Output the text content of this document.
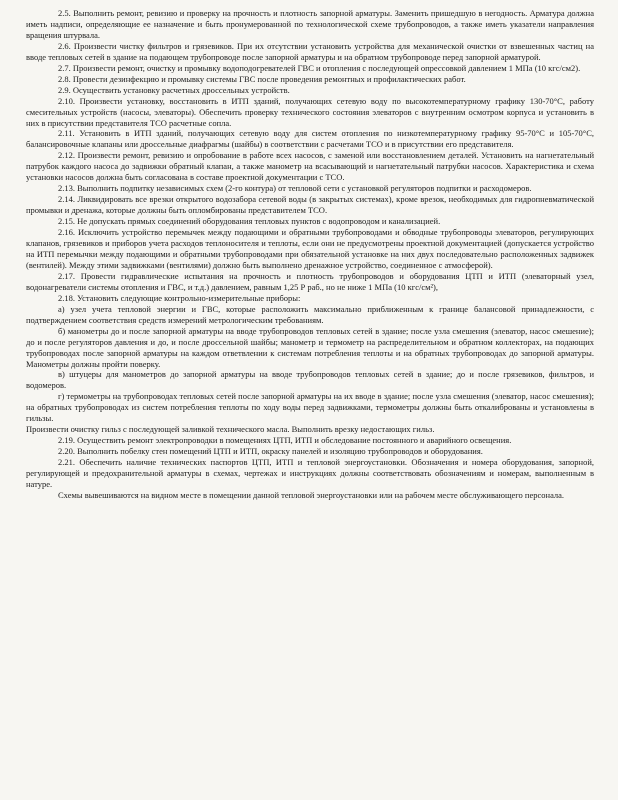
2.5. Выполнить ремонт, ревизию и проверку на прочность и плотность запорной арматуры. Заменить пришедшую в негодность. Арматура должна иметь надписи, определяющие ее назначение и быть пронумерованной по технологической схеме трубопроводов, а также иметь указатели направления вращения штурвала.

2.6. Произвести чистку фильтров и грязевиков. При их отсутствии установить устройства для механической очистки от взвешенных частиц на вводе тепловых сетей в здание на подающем трубопроводе после запорной арматуры и на обратном трубопроводе перед запорной арматурой.

2.7. Произвести ремонт, очистку и промывку водоподогревателей ГВС и отопления с последующей опрессовкой давлением 1 МПа (10 кгс/см2).

2.8. Провести дезинфекцию и промывку системы ГВС после проведения ремонтных и профилактических работ.

2.9. Осуществить установку расчетных дроссельных устройств.

2.10. Произвести установку, восстановить в ИТП зданий, получающих сетевую воду по высокотемпературному графику 130-70°С, работу смесительных устройств (насосы, элеваторы). Обеспечить проверку технического состояния элеваторов с внутренним осмотром корпуса и установить в них в присутствии представителя ТСО расчетные сопла.

2.11. Установить в ИТП зданий, получающих сетевую воду для систем отопления по низкотемпературному графику 95-70°С и 105-70°С, балансировочные клапаны или дроссельные диафрагмы (шайбы) в соответствии с расчетами ТСО и в присутствии его представителя.

2.12. Произвести ремонт, ревизию и опробование в работе всех насосов, с заменой или восстановлением деталей. Установить на нагнетательный патрубок каждого насоса до задвижки обратный клапан, а также манометр на всасывающий и нагнетательный патрубки насосов. Характеристика и схема установки насосов должна быть согласована в составе проектной документации с ТСО.

2.13. Выполнить подпитку независимых схем (2-го контура) от тепловой сети с установкой регуляторов подпитки и расходомеров.

2.14. Ликвидировать все врезки открытого водозабора сетевой воды (в закрытых системах), кроме врезок, необходимых для гидропневматической промывки и дренажа, которые должны быть опломбированы представителем ТСО.

2.15. Не допускать прямых соединений оборудования тепловых пунктов с водопроводом и канализацией.

2.16. Исключить устройство перемычек между подающими и обратными трубопроводами и обводные трубопроводы элеваторов, регулирующих клапанов, грязевиков и приборов учета расходов теплоносителя и теплоты, если они не предусмотрены проектной документацией (допускается устройство на ИТП перемычки между подающими и обратными трубопроводами при обязательной установке на них двух последовательно расположенных задвижек (вентилей). Между этими задвижками (вентилями) должно быть выполнено дренажное устройство, соединенное с атмосферой).

2.17. Провести гидравлические испытания на прочность и плотность трубопроводов и оборудования ЦТП и ИТП (элеваторный узел, водонагреватели системы отопления и ГВС, и т.д.) давлением, равным 1,25 Р раб., но не ниже 1 МПа (10 кгс/см²),

2.18. Установить следующие контрольно-измерительные приборы:

а) узел учета тепловой энергии и ГВС, которые расположить максимально приближенным к границе балансовой принадлежности, с подтверждением соответствия средств измерений метрологическим требованиям.

б) манометры до и после запорной арматуры на вводе трубопроводов тепловых сетей в здание; после узла смешения (элеватор, насос смешение); до и после регуляторов давления и до, и после дроссельной шайбы; манометр и термометр на распределительном и обратном коллекторах, на подающих трубопроводах после запорной арматуры на каждом ответвлении к системам потребления теплоты и на обратных трубопроводах до запорной арматуры. Манометры должны пройти поверку.

в) штуцеры для манометров до запорной арматуры на вводе трубопроводов тепловых сетей в здание; до и после грязевиков, фильтров, и водомеров.

г) термометры на трубопроводах тепловых сетей после запорной арматуры на их вводе в здание; после узла смешения (элеватор, насос смешения); на обратных трубопроводах из систем потребления теплоты по ходу воды перед задвижками, термометры должны быть откалиброваны и установлены в гильзы.

Произвести очистку гильз с последующей заливкой технического масла. Выполнить врезку недостающих гильз.

2.19. Осуществить ремонт электропроводки в помещениях ЦТП, ИТП и обследование постоянного и аварийного освещения.

2.20. Выполнить побелку стен помещений ЦТП и ИТП, окраску панелей и изоляцию трубопроводов и оборудования.

2.21. Обеспечить наличие технических паспортов ЦТП, ИТП и тепловой энергоустановки. Обозначения и номера оборудования, запорной, регулирующей и предохранительной арматуры в схемах, чертежах и инструкциях должны соответствовать обозначениям и номерам, выполненным в натуре.

Схемы вывешиваются на видном месте в помещении данной тепловой энергоустановки или на рабочем месте обслуживающего персонала.
